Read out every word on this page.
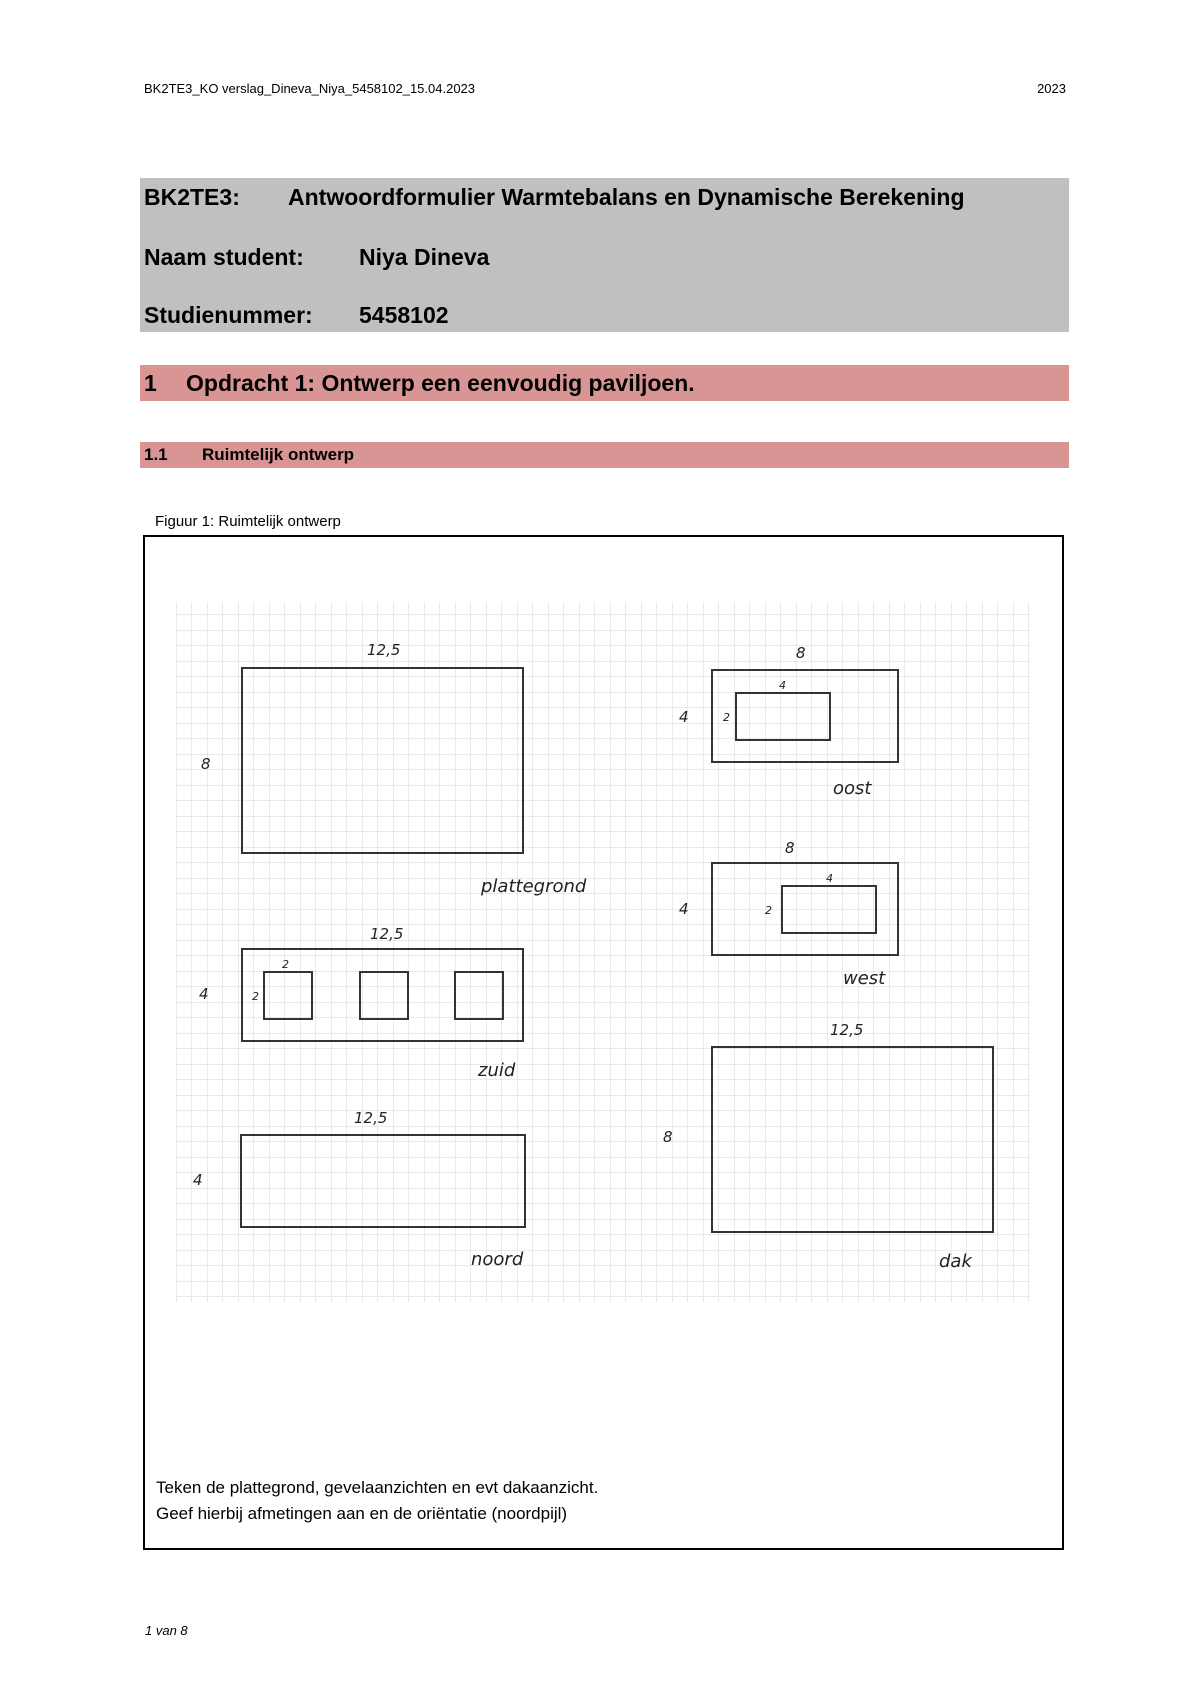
BK2TE3_KO verslag_Dineva_Niya_5458102_15.04.2023	2023
BK2TE3: Antwoordformulier Warmtebalans en Dynamische Berekening
Naam student: Niya Dineva
Studienummer: 5458102
1 Opdracht 1: Ontwerp een eenvoudig paviljoen.
1.1 Ruimtelijk ontwerp
Figuur 1: Ruimtelijk ontwerp
12,5
8
plattegrond
12,5
4
2
2
zuid
12,5
4
noord
8
4
4
2
oost
8
4
4
2
west
12,5
8
dak
Teken de plattegrond, gevelaanzichten en evt dakaanzicht.
Geef hierbij afmetingen aan en de oriëntatie (noordpijl)
1 van 8
